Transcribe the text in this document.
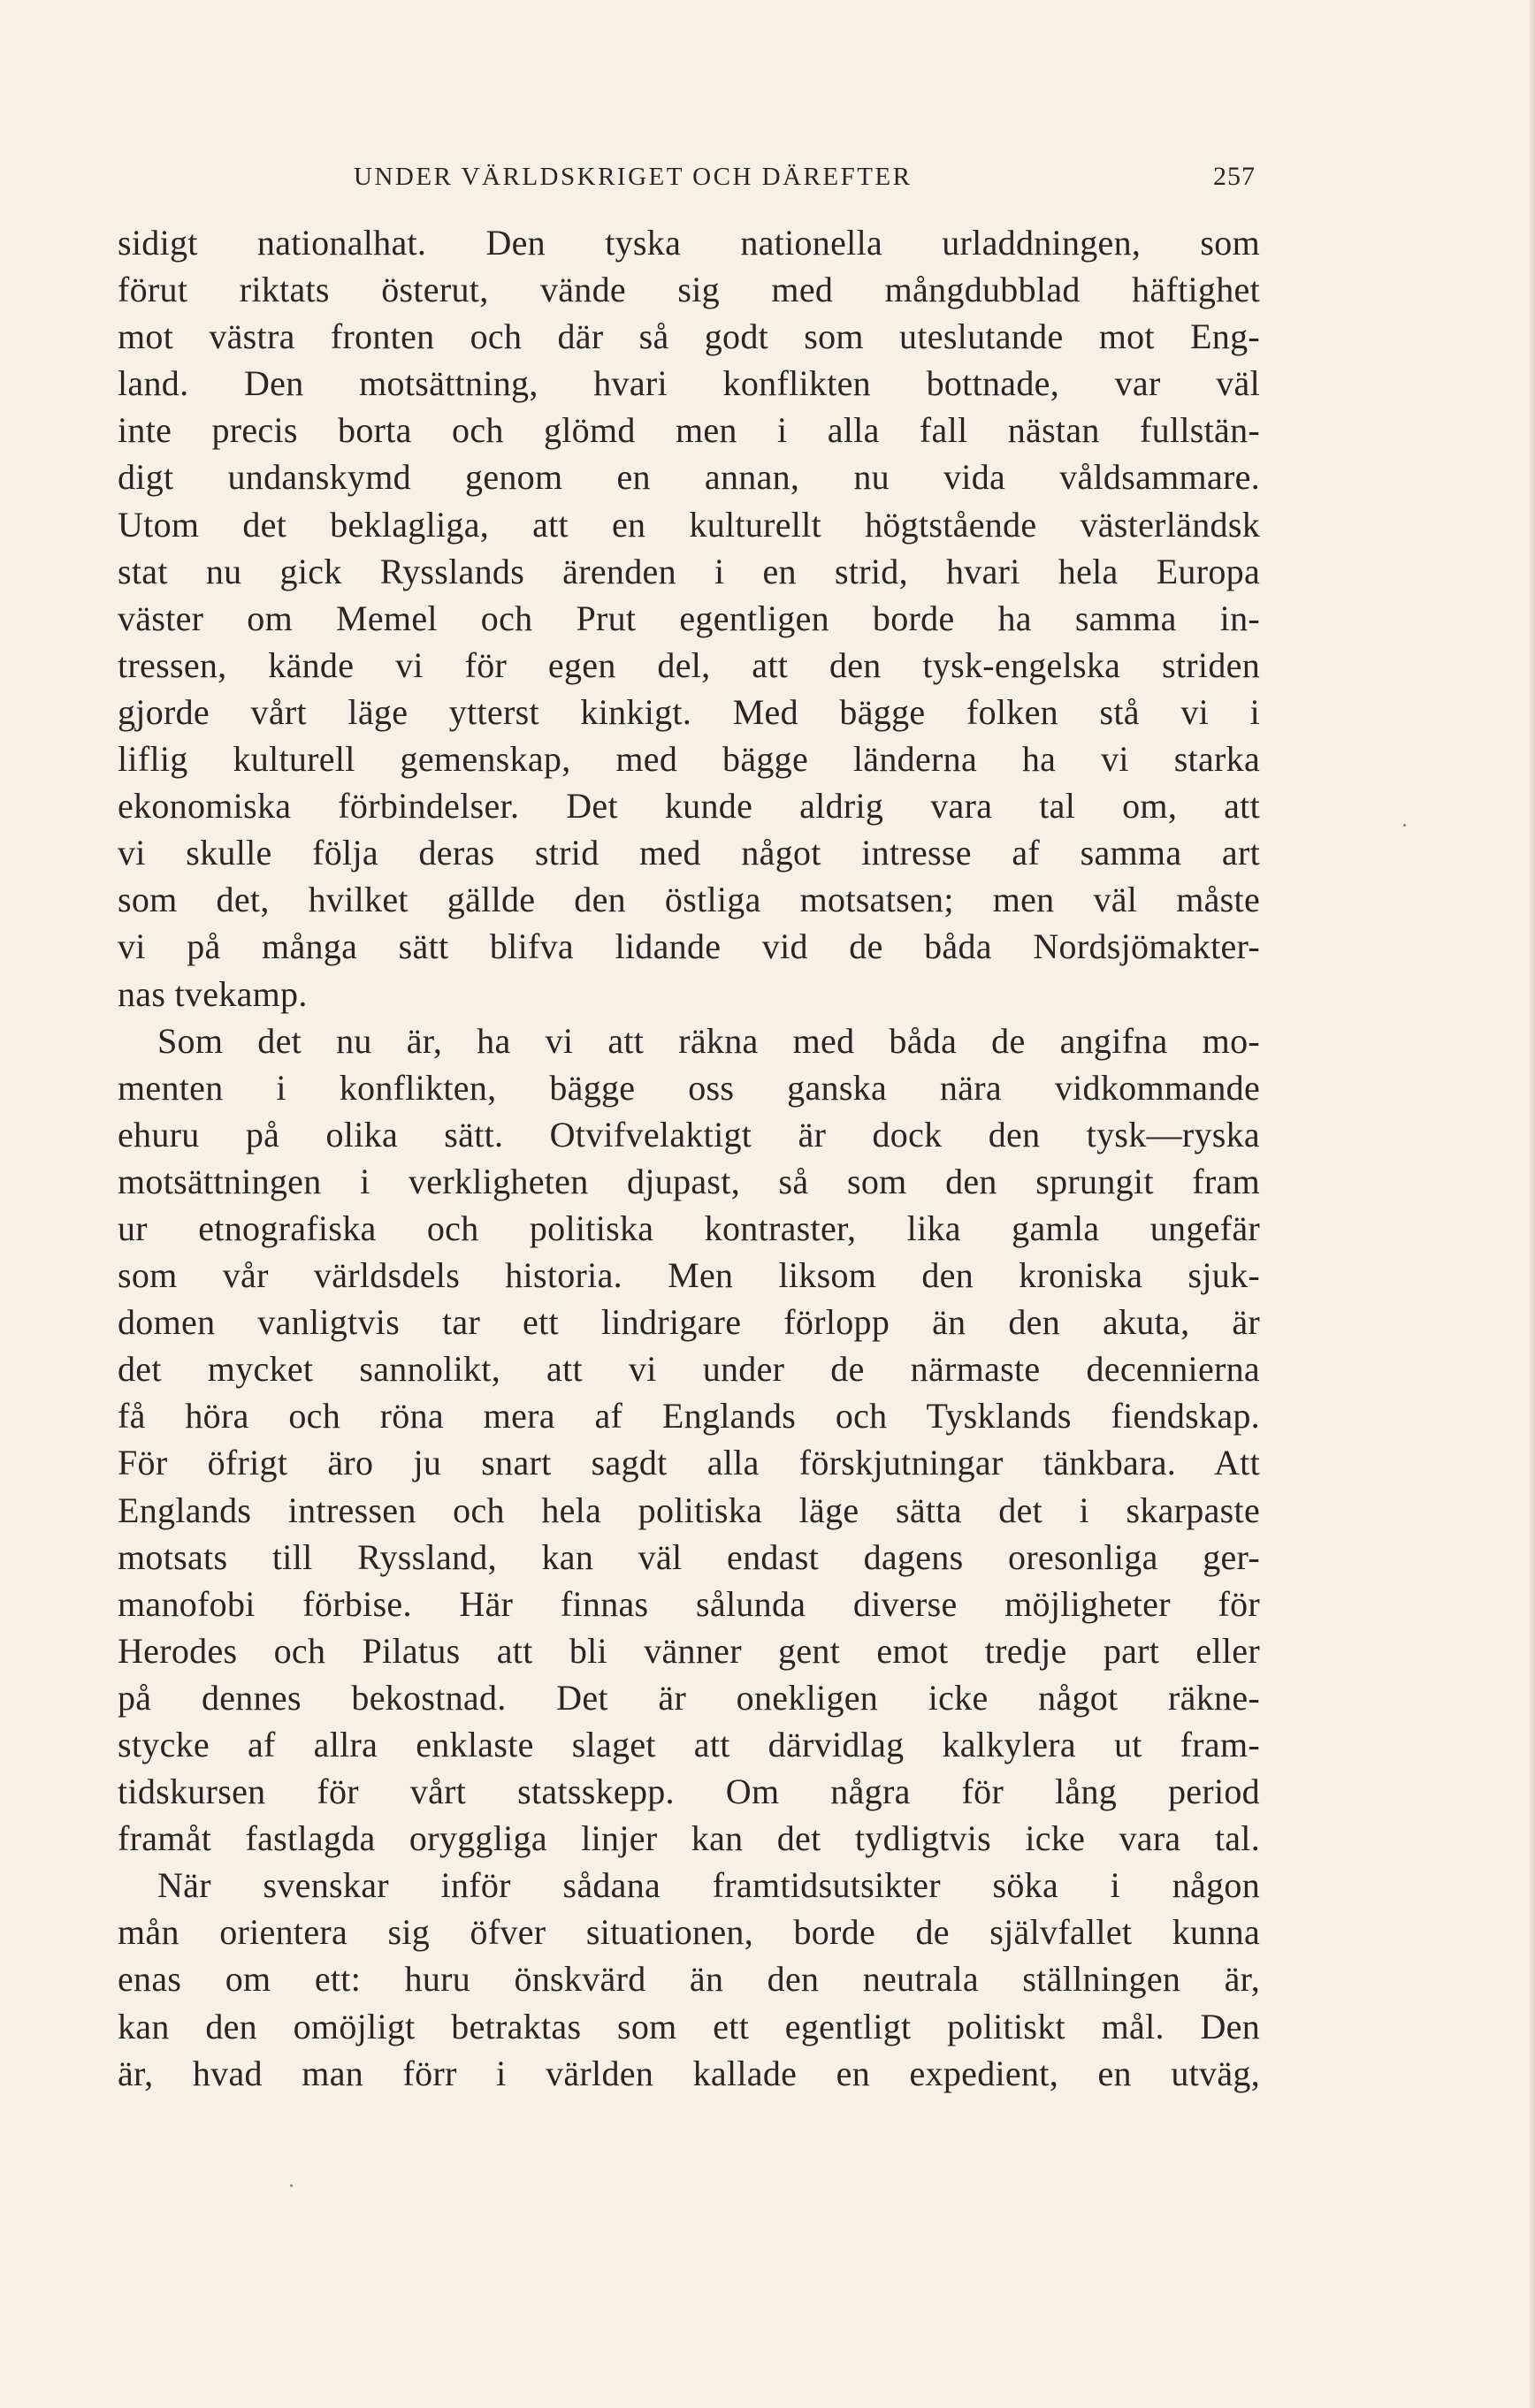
UNDER VÄRLDSKRIGET OCH DÄREFTER	257
sidigt nationalhat. Den tyska nationella urladdningen, som
förut riktats österut, vände sig med mångdubblad häftighet
mot västra fronten och där så godt som uteslutande mot Eng-
land. Den motsättning, hvari konflikten bottnade, var väl
inte precis borta och glömd men i alla fall nästan fullstän-
digt undanskymd genom en annan, nu vida våldsammare.
Utom det beklagliga, att en kulturellt högtstående västerländsk
stat nu gick Rysslands ärenden i en strid, hvari hela Europa
väster om Memel och Prut egentligen borde ha samma in-
tressen, kände vi för egen del, att den tysk-engelska striden
gjorde vårt läge ytterst kinkigt. Med bägge folken stå vi i
liflig kulturell gemenskap, med bägge länderna ha vi starka
ekonomiska förbindelser. Det kunde aldrig vara tal om, att
vi skulle följa deras strid med något intresse af samma art
som det, hvilket gällde den östliga motsatsen; men väl måste
vi på många sätt blifva lidande vid de båda Nordsjömakter-
nas tvekamp.
Som det nu är, ha vi att räkna med båda de angifna mo-
menten i konflikten, bägge oss ganska nära vidkommande
ehuru på olika sätt. Otvifvelaktigt är dock den tysk—ryska
motsättningen i verkligheten djupast, så som den sprungit fram
ur etnografiska och politiska kontraster, lika gamla ungefär
som vår världsdels historia. Men liksom den kroniska sjuk-
domen vanligtvis tar ett lindrigare förlopp än den akuta, är
det mycket sannolikt, att vi under de närmaste decennierna
få höra och röna mera af Englands och Tysklands fiendskap.
För öfrigt äro ju snart sagdt alla förskjutningar tänkbara. Att
Englands intressen och hela politiska läge sätta det i skarpaste
motsats till Ryssland, kan väl endast dagens oresonliga ger-
manofobi förbise. Här finnas sålunda diverse möjligheter för
Herodes och Pilatus att bli vänner gent emot tredje part eller
på dennes bekostnad. Det är onekligen icke något räkne-
stycke af allra enklaste slaget att därvidlag kalkylera ut fram-
tidskursen för vårt statsskepp. Om några för lång period
framåt fastlagda oryggliga linjer kan det tydligtvis icke vara tal.
När svenskar inför sådana framtidsutsikter söka i någon
mån orientera sig öfver situationen, borde de självfallet kunna
enas om ett: huru önskvärd än den neutrala ställningen är,
kan den omöjligt betraktas som ett egentligt politiskt mål. Den
är, hvad man förr i världen kallade en expedient, en utväg,
